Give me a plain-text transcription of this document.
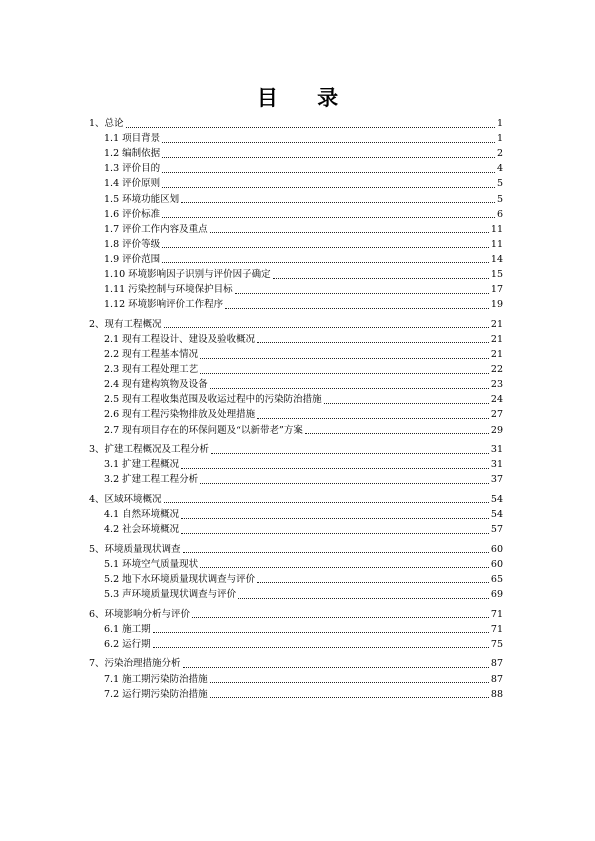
目 录
1、总论	1
1.1 项目背景	1
1.2 编制依据	2
1.3 评价目的	4
1.4 评价原则	5
1.5 环境功能区划	5
1.6 评价标准	6
1.7 评价工作内容及重点	11
1.8 评价等级	11
1.9 评价范围	14
1.10 环境影响因子识别与评价因子确定	15
1.11 污染控制与环境保护目标	17
1.12 环境影响评价工作程序	19
2、现有工程概况	21
2.1 现有工程设计、建设及验收概况	21
2.2 现有工程基本情况	21
2.3 现有工程处理工艺	22
2.4 现有建构筑物及设备	23
2.5 现有工程收集范围及收运过程中的污染防治措施	24
2.6 现有工程污染物排放及处理措施	27
2.7 现有项目存在的环保问题及“以新带老”方案	29
3、扩建工程概况及工程分析	31
3.1 扩建工程概况	31
3.2 扩建工程工程分析	37
4、区域环境概况	54
4.1 自然环境概况	54
4.2 社会环境概况	57
5、环境质量现状调查	60
5.1 环境空气质量现状	60
5.2 地下水环境质量现状调查与评价	65
5.3 声环境质量现状调查与评价	69
6、环境影响分析与评价	71
6.1 施工期	71
6.2 运行期	75
7、污染治理措施分析	87
7.1 施工期污染防治措施	87
7.2 运行期污染防治措施	88
